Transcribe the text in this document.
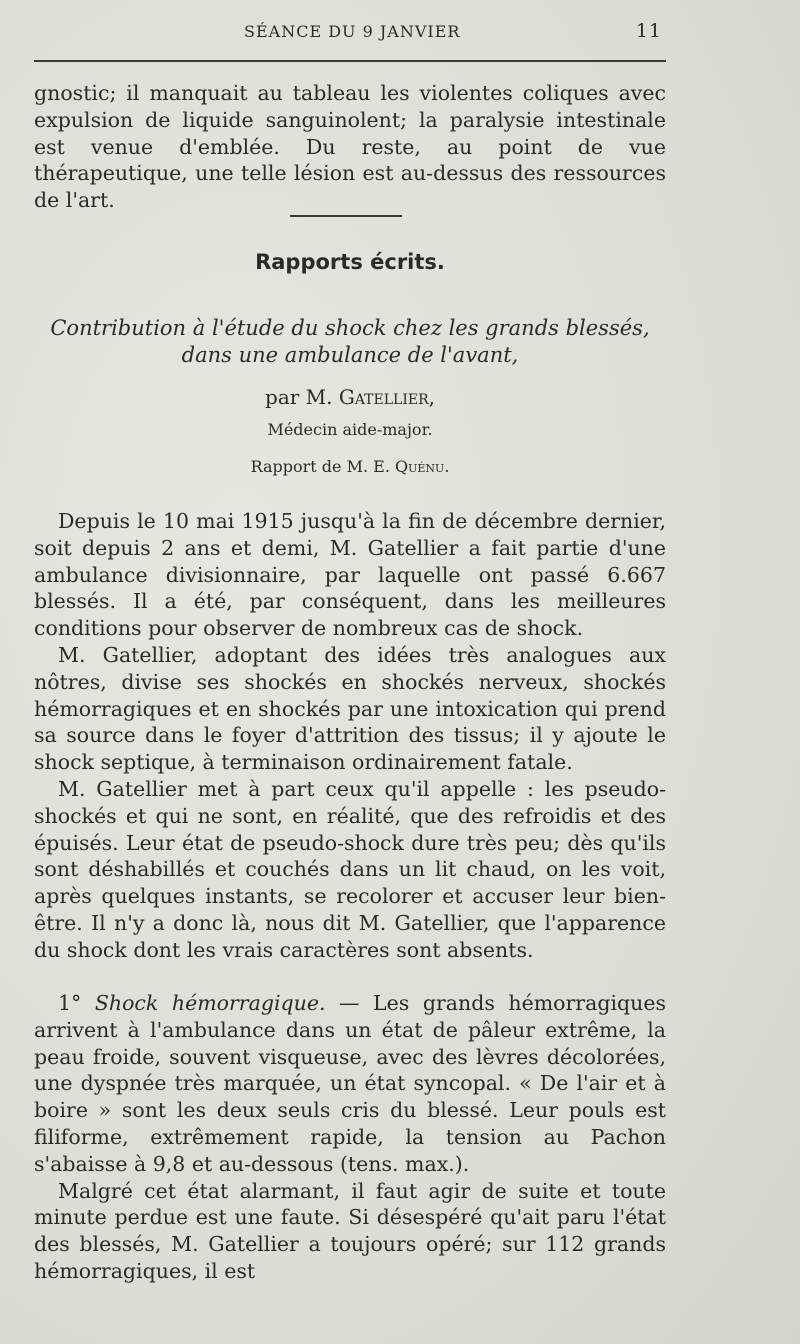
SÉANCE DU 9 JANVIER	11

gnostic; il manquait au tableau les violentes coliques avec expulsion de liquide sanguinolent; la paralysie intestinale est venue d'emblée. Du reste, au point de vue thérapeutique, une telle lésion est au-dessus des ressources de l'art.

Rapports écrits.
Contribution à l'étude du shock chez les grands blessés,
dans une ambulance de l'avant,
par M. Gatellier,
Médecin aide-major.
Rapport de M. E. Quénu.

Depuis le 10 mai 1915 jusqu'à la fin de décembre dernier, soit depuis 2 ans et demi, M. Gatellier a fait partie d'une ambulance divisionnaire, par laquelle ont passé 6.667 blessés. Il a été, par conséquent, dans les meilleures conditions pour observer de nombreux cas de shock.

M. Gatellier, adoptant des idées très analogues aux nôtres, divise ses shockés en shockés nerveux, shockés hémorragiques et en shockés par une intoxication qui prend sa source dans le foyer d'attrition des tissus; il y ajoute le shock septique, à terminaison ordinairement fatale.

M. Gatellier met à part ceux qu'il appelle : les pseudo-shockés et qui ne sont, en réalité, que des refroidis et des épuisés. Leur état de pseudo-shock dure très peu; dès qu'ils sont déshabillés et couchés dans un lit chaud, on les voit, après quelques instants, se recolorer et accuser leur bien-être. Il n'y a donc là, nous dit M. Gatellier, que l'apparence du shock dont les vrais caractères sont absents.

1° Shock hémorragique. — Les grands hémorragiques arrivent à l'ambulance dans un état de pâleur extrême, la peau froide, souvent visqueuse, avec des lèvres décolorées, une dyspnée très marquée, un état syncopal. « De l'air et à boire » sont les deux seuls cris du blessé. Leur pouls est filiforme, extrêmement rapide, la tension au Pachon s'abaisse à 9,8 et au-dessous (tens. max.).

Malgré cet état alarmant, il faut agir de suite et toute minute perdue est une faute. Si désespéré qu'ait paru l'état des blessés, M. Gatellier a toujours opéré; sur 112 grands hémorragiques, il est
